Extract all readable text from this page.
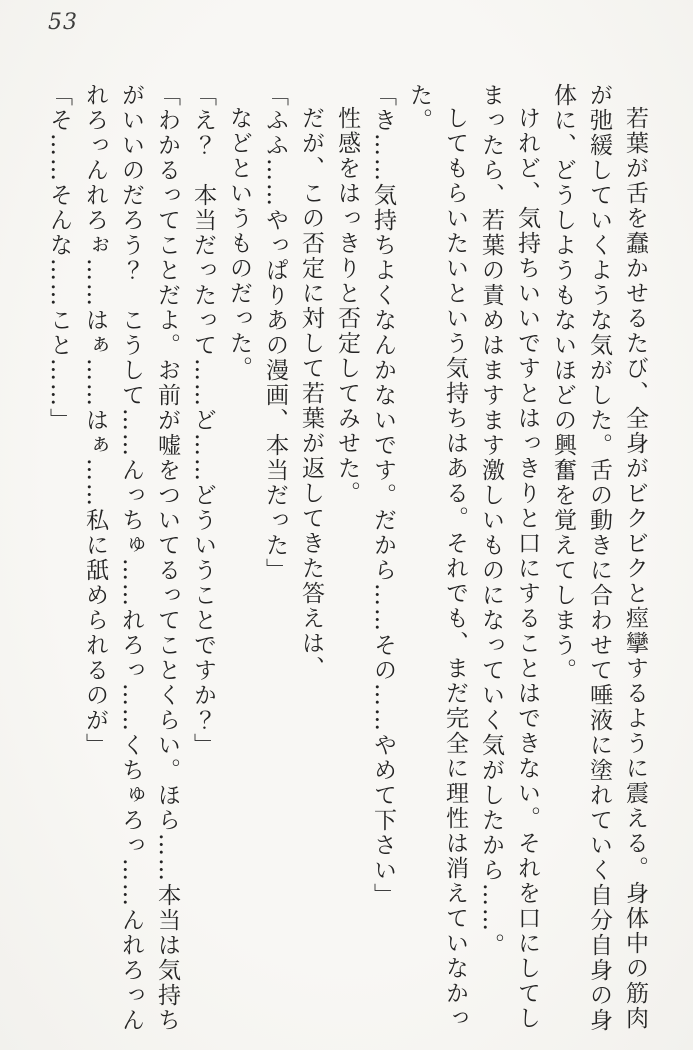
53

若葉が舌を蠢かせるたび、全身がビクビクと痙攣するように震える。身体中の筋肉が弛緩していくような気がした。舌の動きに合わせて唾液に塗れていく自分自身の身体に、どうしようもないほどの興奮を覚えてしまう。

けれど、気持ちいいですとはっきりと口にすることはできない。それを口にしてしまったら、若葉の責めはますます激しいものになっていく気がしたから……。

してもらいたいという気持ちはある。それでも、まだ完全に理性は消えていなかった。

「き……気持ちよくなんかないです。だから……その……やめて下さい」

性感をはっきりと否定してみせた。

だが、この否定に対して若葉が返してきた答えは、

「ふふ……やっぱりあの漫画、本当だった」

などというものだった。

「え？　本当だったって……ど……どういうことですか？」

「わかるってことだよ。お前が嘘をついてるってことくらい。ほら……本当は気持ちがいいのだろう？　こうして……んっちゅ……れろっ……くちゅろっ……んれろっんれろっんれろぉ……はぁ……はぁ……私に舐められるのが」

「そ……そんな……こと……」
